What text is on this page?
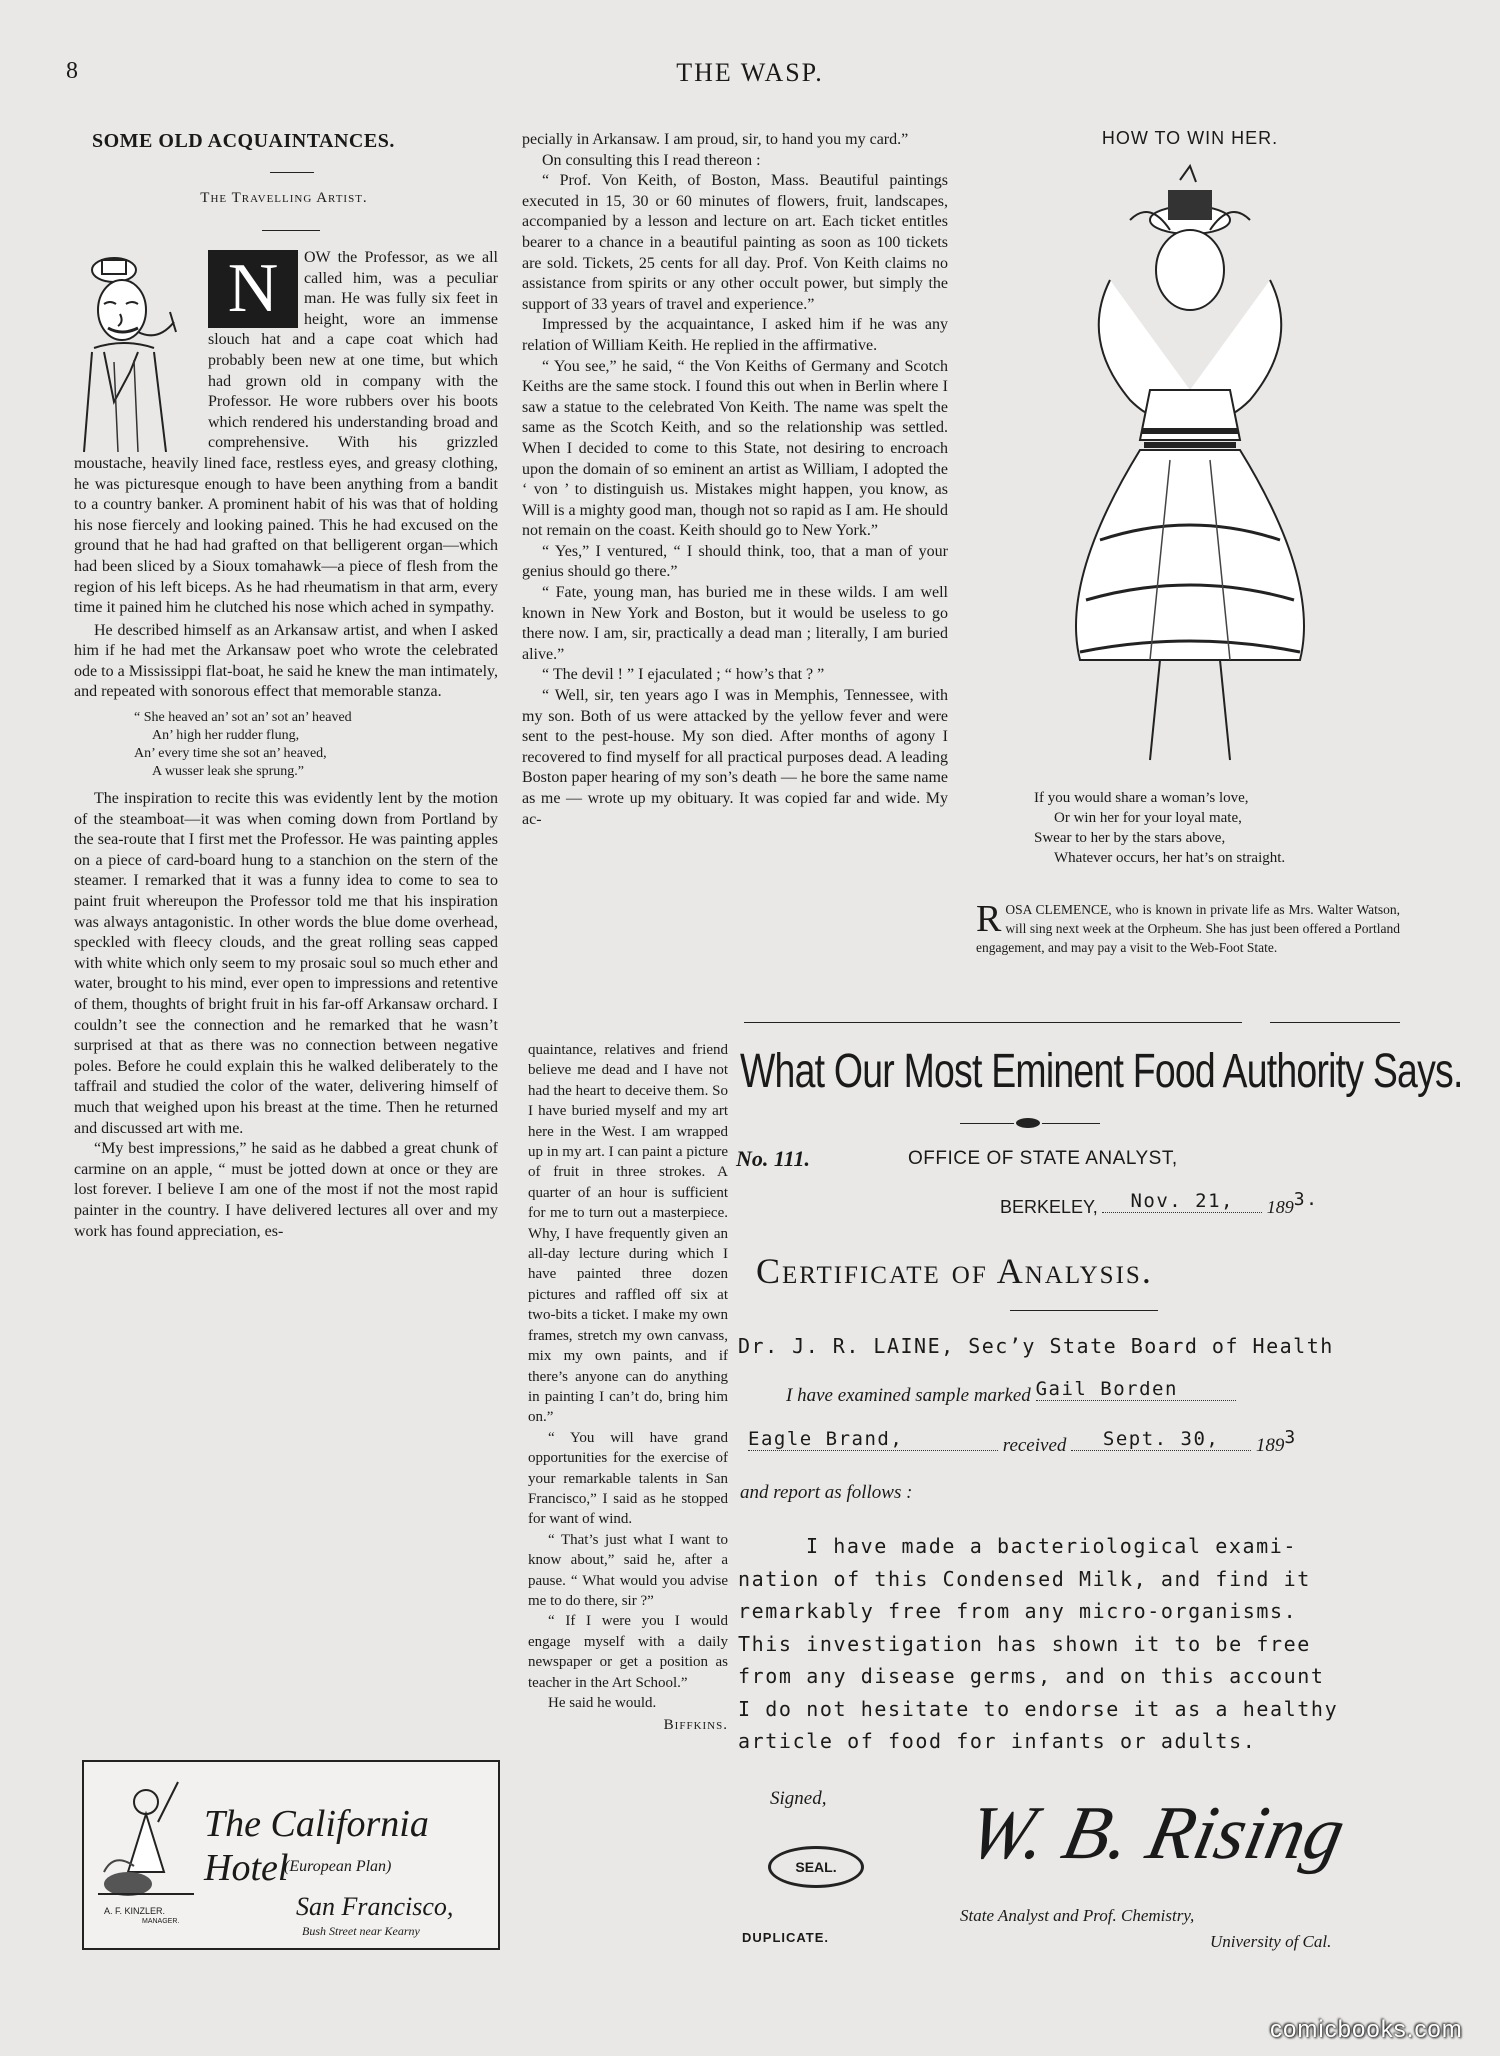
8	THE WASP.
SOME OLD ACQUAINTANCES.
The Travelling Artist.
N	OW the Professor, as we all called him, was a peculiar man. He was fully six feet in height, wore an immense slouch hat and a cape coat which had probably been new at one time, but which had grown old in company with the Professor. He wore rubbers over his boots which rendered his understanding broad and comprehensive. With his grizzled moustache, heavily lined face, restless eyes, and greasy clothing, he was picturesque enough to have been anything from a bandit to a country banker. A prominent habit of his was that of holding his nose fiercely and looking pained. This he had excused on the ground that he had had grafted on that belligerent organ—which had been sliced by a Sioux tomahawk—a piece of flesh from the region of his left biceps. As he had rheumatism in that arm, every time it pained him he clutched his nose which ached in sympathy.

He described himself as an Arkansaw artist, and when I asked him if he had met the Arkansaw poet who wrote the celebrated ode to a Mississippi flat-boat, he said he knew the man intimately, and repeated with sonorous effect that memorable stanza.

“ She heaved an’ sot an’ sot an’ heaved
An’ high her rudder flung,
An’ every time she sot an’ heaved,
A wusser leak she sprung.”

The inspiration to recite this was evidently lent by the motion of the steamboat—it was when coming down from Portland by the sea-route that I first met the Professor. He was painting apples on a piece of card-board hung to a stanchion on the stern of the steamer. I remarked that it was a funny idea to come to sea to paint fruit whereupon the Professor told me that his inspiration was always antagonistic. In other words the blue dome overhead, speckled with fleecy clouds, and the great rolling seas capped with white which only seem to my prosaic soul so much ether and water, brought to his mind, ever open to impressions and retentive of them, thoughts of bright fruit in his far-off Arkansaw orchard. I couldn’t see the connection and he remarked that he wasn’t surprised at that as there was no connection between negative poles. Before he could explain this he walked deliberately to the taffrail and studied the color of the water, delivering himself of much that weighed upon his breast at the time. Then he returned and discussed art with me.

“My best impressions,” he said as he dabbed a great chunk of carmine on an apple, “ must be jotted down at once or they are lost forever. I believe I am one of the most if not the most rapid painter in the country. I have delivered lectures all over and my work has found appreciation, es-

The California Hotel
(European Plan)
A. F. KINZLER.
MANAGER.
San Francisco,
Bush Street near Kearny

pecially in Arkansaw. I am proud, sir, to hand you my card.”

On consulting this I read thereon :

“ Prof. Von Keith, of Boston, Mass. Beautiful paintings executed in 15, 30 or 60 minutes of flowers, fruit, landscapes, accompanied by a lesson and lecture on art. Each ticket entitles bearer to a chance in a beautiful painting as soon as 100 tickets are sold. Tickets, 25 cents for all day. Prof. Von Keith claims no assistance from spirits or any other occult power, but simply the support of 33 years of travel and experience.”

Impressed by the acquaintance, I asked him if he was any relation of William Keith. He replied in the affirmative.

“ You see,” he said, “ the Von Keiths of Germany and Scotch Keiths are the same stock. I found this out when in Berlin where I saw a statue to the celebrated Von Keith. The name was spelt the same as the Scotch Keith, and so the relationship was settled. When I decided to come to this State, not desiring to encroach upon the domain of so eminent an artist as William, I adopted the ‘ von ’ to distinguish us. Mistakes might happen, you know, as Will is a mighty good man, though not so rapid as I am. He should not remain on the coast. Keith should go to New York.”

“ Yes,” I ventured, “ I should think, too, that a man of your genius should go there.”

“ Fate, young man, has buried me in these wilds. I am well known in New York and Boston, but it would be useless to go there now. I am, sir, practically a dead man ; literally, I am buried alive.”

“ The devil ! ” I ejaculated ; “ how’s that ? ”

“ Well, sir, ten years ago I was in Memphis, Tennessee, with my son. Both of us were attacked by the yellow fever and were sent to the pest-house. My son died. After months of agony I recovered to find myself for all practical purposes dead. A leading Boston paper hearing of my son’s death — he bore the same name as me — wrote up my obituary. It was copied far and wide. My ac-

quaintance, relatives and friend believe me dead and I have not had the heart to deceive them. So I have buried myself and my art here in the West. I am wrapped up in my art. I can paint a picture of fruit in three strokes. A quarter of an hour is sufficient for me to turn out a masterpiece. Why, I have frequently given an all-day lecture during which I have painted three dozen pictures and raffled off six at two-bits a ticket. I make my own frames, stretch my own canvass, mix my own paints, and if there’s anyone can do anything in painting I can’t do, bring him on.”

“ You will have grand opportunities for the exercise of your remarkable talents in San Francisco,” I said as he stopped for want of wind.

“ That’s just what I want to know about,” said he, after a pause. “ What would you advise me to do there, sir ?”

“ If I were you I would engage myself with a daily newspaper or get a position as teacher in the Art School.”

He said he would.

Biffkins.
HOW TO WIN HER.
If you would share a woman’s love,
Or win her for your loyal mate,
Swear to her by the stars above,
Whatever occurs, her hat’s on straight.
R OSA CLEMENCE, who is known in private life as Mrs. Walter Watson, will sing next week at the Orpheum. She has just been offered a Portland engagement, and may pay a visit to the Web-Foot State.
What Our Most Eminent Food Authority Says.
No. 111.	OFFICE OF STATE ANALYST,
BERKELEY, Nov. 21, 1893.
Certificate of Analysis.
Dr. J. R. LAINE, Sec’y State Board of Health
I have examined sample marked Gail Borden
Eagle Brand,	received Sept. 30, 1893
and report as follows :
I have made a bacteriological exami-
nation of this Condensed Milk, and find it
remarkably free from any micro-organisms.
This investigation has shown it to be free
from any disease germs, and on this account
I do not hesitate to endorse it as a healthy
article of food for infants or adults.
Signed,
SEAL.
DUPLICATE.
W. B. Rising
State Analyst and Prof. Chemistry,
University of Cal.
comicbooks.com
